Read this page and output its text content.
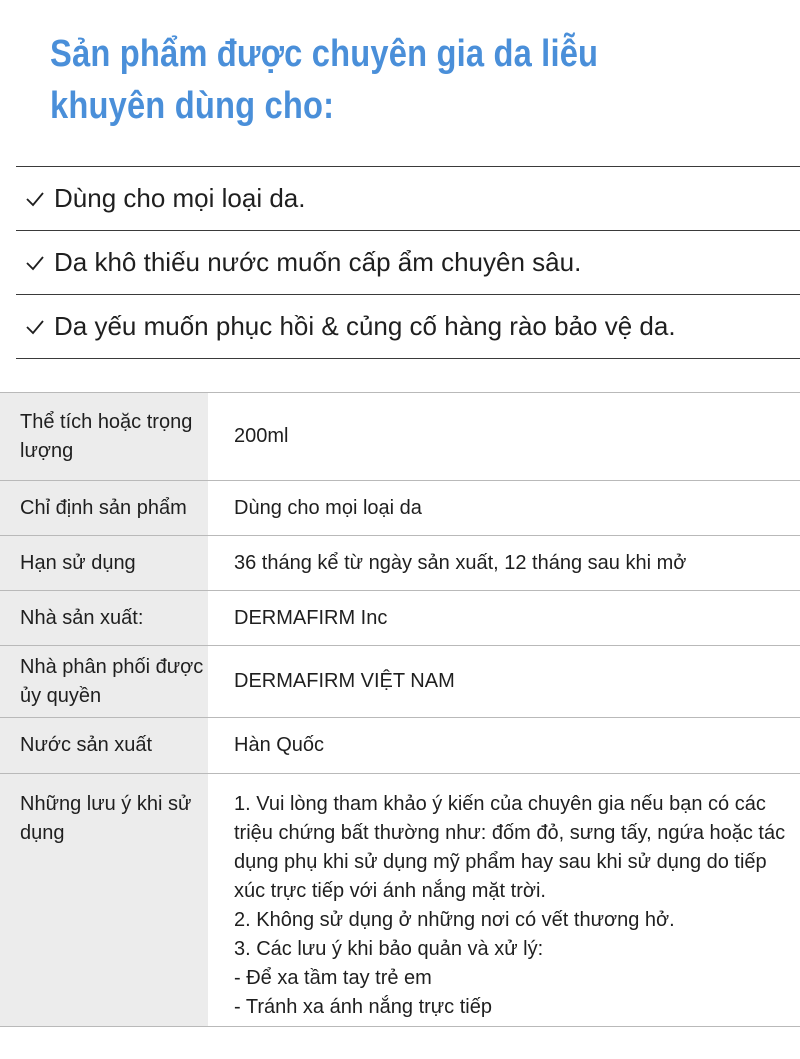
Sản phẩm được chuyên gia da liễu khuyên dùng cho:
Dùng cho mọi loại da.
Da khô thiếu nước muốn cấp ẩm chuyên sâu.
Da yếu muốn phục hồi & củng cố hàng rào bảo vệ da.
Thể tích hoặc trọng lượng	200ml
Chỉ định sản phẩm	Dùng cho mọi loại da
Hạn sử dụng	36 tháng kể từ ngày sản xuất, 12 tháng sau khi mở
Nhà sản xuất:	DERMAFIRM Inc
Nhà phân phối được ủy quyền	DERMAFIRM VIỆT NAM
Nước sản xuất	Hàn Quốc
Những lưu ý khi sử dụng	1. Vui lòng tham khảo ý kiến của chuyên gia nếu bạn có các triệu chứng bất thường như: đốm đỏ, sưng tấy, ngứa hoặc tác dụng phụ khi sử dụng mỹ phẩm hay sau khi sử dụng do tiếp xúc trực tiếp với ánh nắng mặt trời.
2. Không sử dụng ở những nơi có vết thương hở.
3. Các lưu ý khi bảo quản và xử lý:
- Để xa tầm tay trẻ em
- Tránh xa ánh nắng trực tiếp
